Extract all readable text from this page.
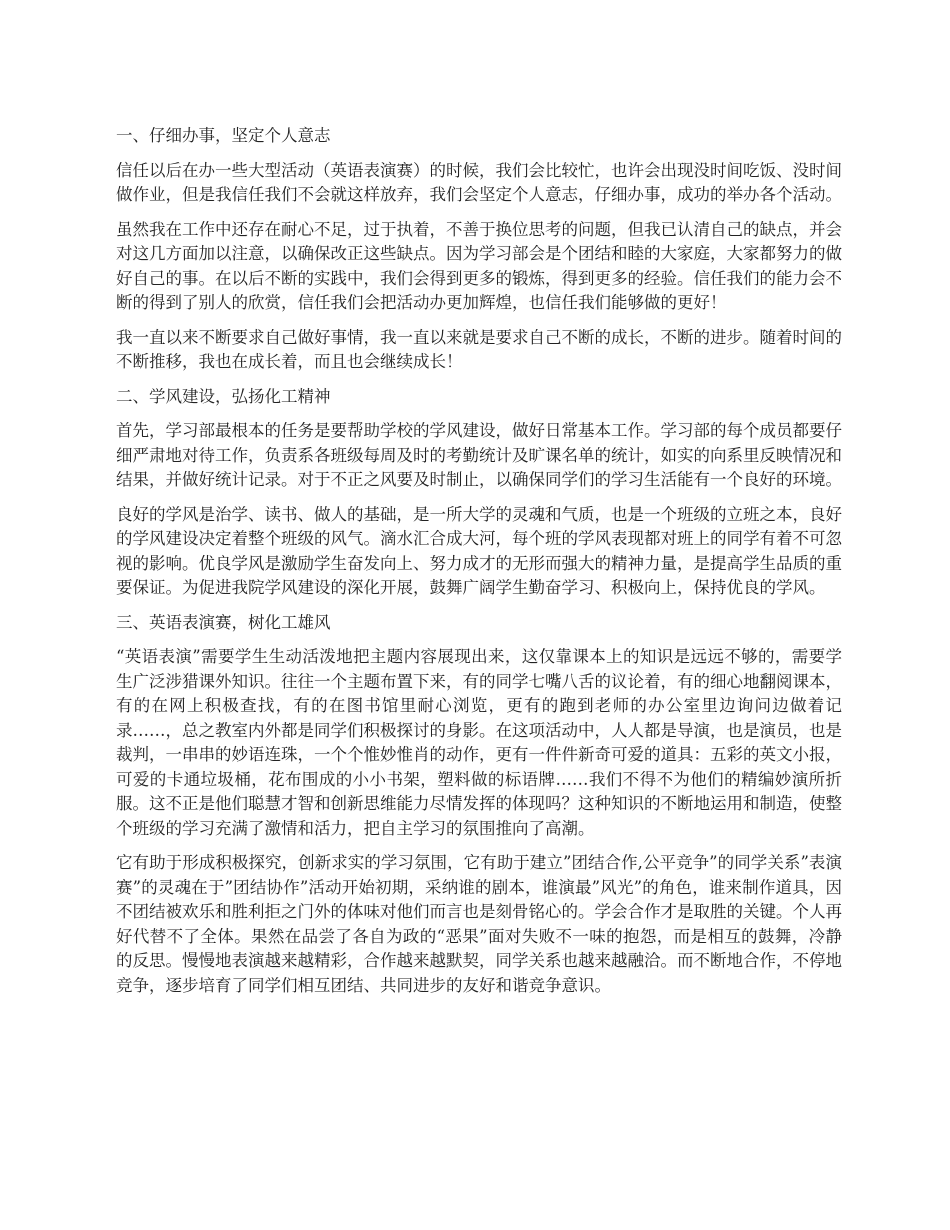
一、仔细办事，坚定个人意志

信任以后在办一些大型活动（英语表演赛）的时候，我们会比较忙，也许会出现没时间吃饭、没时间做作业，但是我信任我们不会就这样放弃，我们会坚定个人意志，仔细办事，成功的举办各个活动。

虽然我在工作中还存在耐心不足，过于执着，不善于换位思考的问题，但我已认清自己的缺点，并会对这几方面加以注意，以确保改正这些缺点。因为学习部会是个团结和睦的大家庭，大家都努力的做好自己的事。在以后不断的实践中，我们会得到更多的锻炼，得到更多的经验。信任我们的能力会不断的得到了别人的欣赏，信任我们会把活动办更加辉煌，也信任我们能够做的更好！

我一直以来不断要求自己做好事情，我一直以来就是要求自己不断的成长，不断的进步。随着时间的不断推移，我也在成长着，而且也会继续成长！

二、学风建设，弘扬化工精神

首先，学习部最根本的任务是要帮助学校的学风建设，做好日常基本工作。学习部的每个成员都要仔细严肃地对待工作，负责系各班级每周及时的考勤统计及旷课名单的统计，如实的向系里反映情况和结果，并做好统计记录。对于不正之风要及时制止，以确保同学们的学习生活能有一个良好的环境。

良好的学风是治学、读书、做人的基础，是一所大学的灵魂和气质，也是一个班级的立班之本，良好的学风建设决定着整个班级的风气。滴水汇合成大河，每个班的学风表现都对班上的同学有着不可忽视的影响。优良学风是激励学生奋发向上、努力成才的无形而强大的精神力量，是提高学生品质的重要保证。为促进我院学风建设的深化开展，鼓舞广阔学生勤奋学习、积极向上，保持优良的学风。

三、英语表演赛，树化工雄风

“英语表演”需要学生生动活泼地把主题内容展现出来，这仅靠课本上的知识是远远不够的，需要学生广泛涉猎课外知识。往往一个主题布置下来，有的同学七嘴八舌的议论着，有的细心地翻阅课本，有的在网上积极查找，有的在图书馆里耐心浏览，更有的跑到老师的办公室里边询问边做着记录……，总之教室内外都是同学们积极探讨的身影。在这项活动中，人人都是导演，也是演员，也是裁判，一串串的妙语连珠，一个个惟妙惟肖的动作，更有一件件新奇可爱的道具：五彩的英文小报，可爱的卡通垃圾桶，花布围成的小小书架，塑料做的标语牌……我们不得不为他们的精编妙演所折服。这不正是他们聪慧才智和创新思维能力尽情发挥的体现吗？这种知识的不断地运用和制造，使整个班级的学习充满了激情和活力，把自主学习的氛围推向了高潮。

它有助于形成积极探究，创新求实的学习氛围，它有助于建立”团结合作,公平竞争”的同学关系”表演赛”的灵魂在于”团结协作”活动开始初期，采纳谁的剧本，谁演最”风光”的角色，谁来制作道具，因不团结被欢乐和胜利拒之门外的体味对他们而言也是刻骨铭心的。学会合作才是取胜的关键。个人再好代替不了全体。果然在品尝了各自为政的“恶果”面对失败不一味的抱怨，而是相互的鼓舞，冷静的反思。慢慢地表演越来越精彩，合作越来越默契，同学关系也越来越融洽。而不断地合作，不停地竞争，逐步培育了同学们相互团结、共同进步的友好和谐竞争意识。
